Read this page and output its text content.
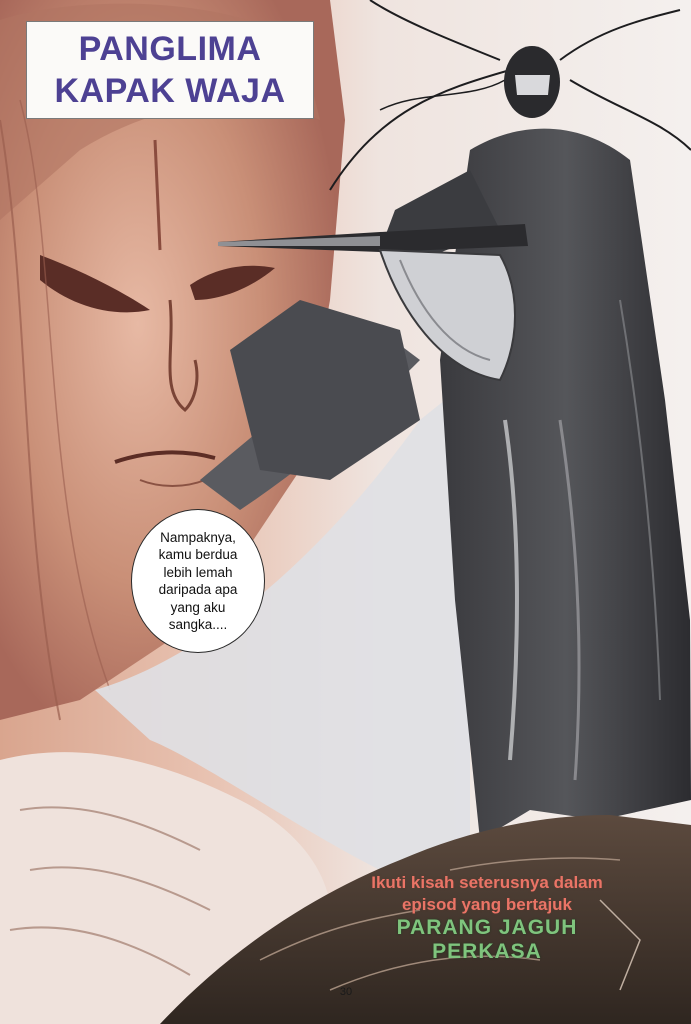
PANGLIMA
KAPAK WAJA
Nampaknya,
kamu berdua
lebih lemah
daripada apa
yang aku
sangka....
Ikuti kisah seterusnya dalam
episod yang bertajuk
PARANG JAGUH
PERKASA
30
